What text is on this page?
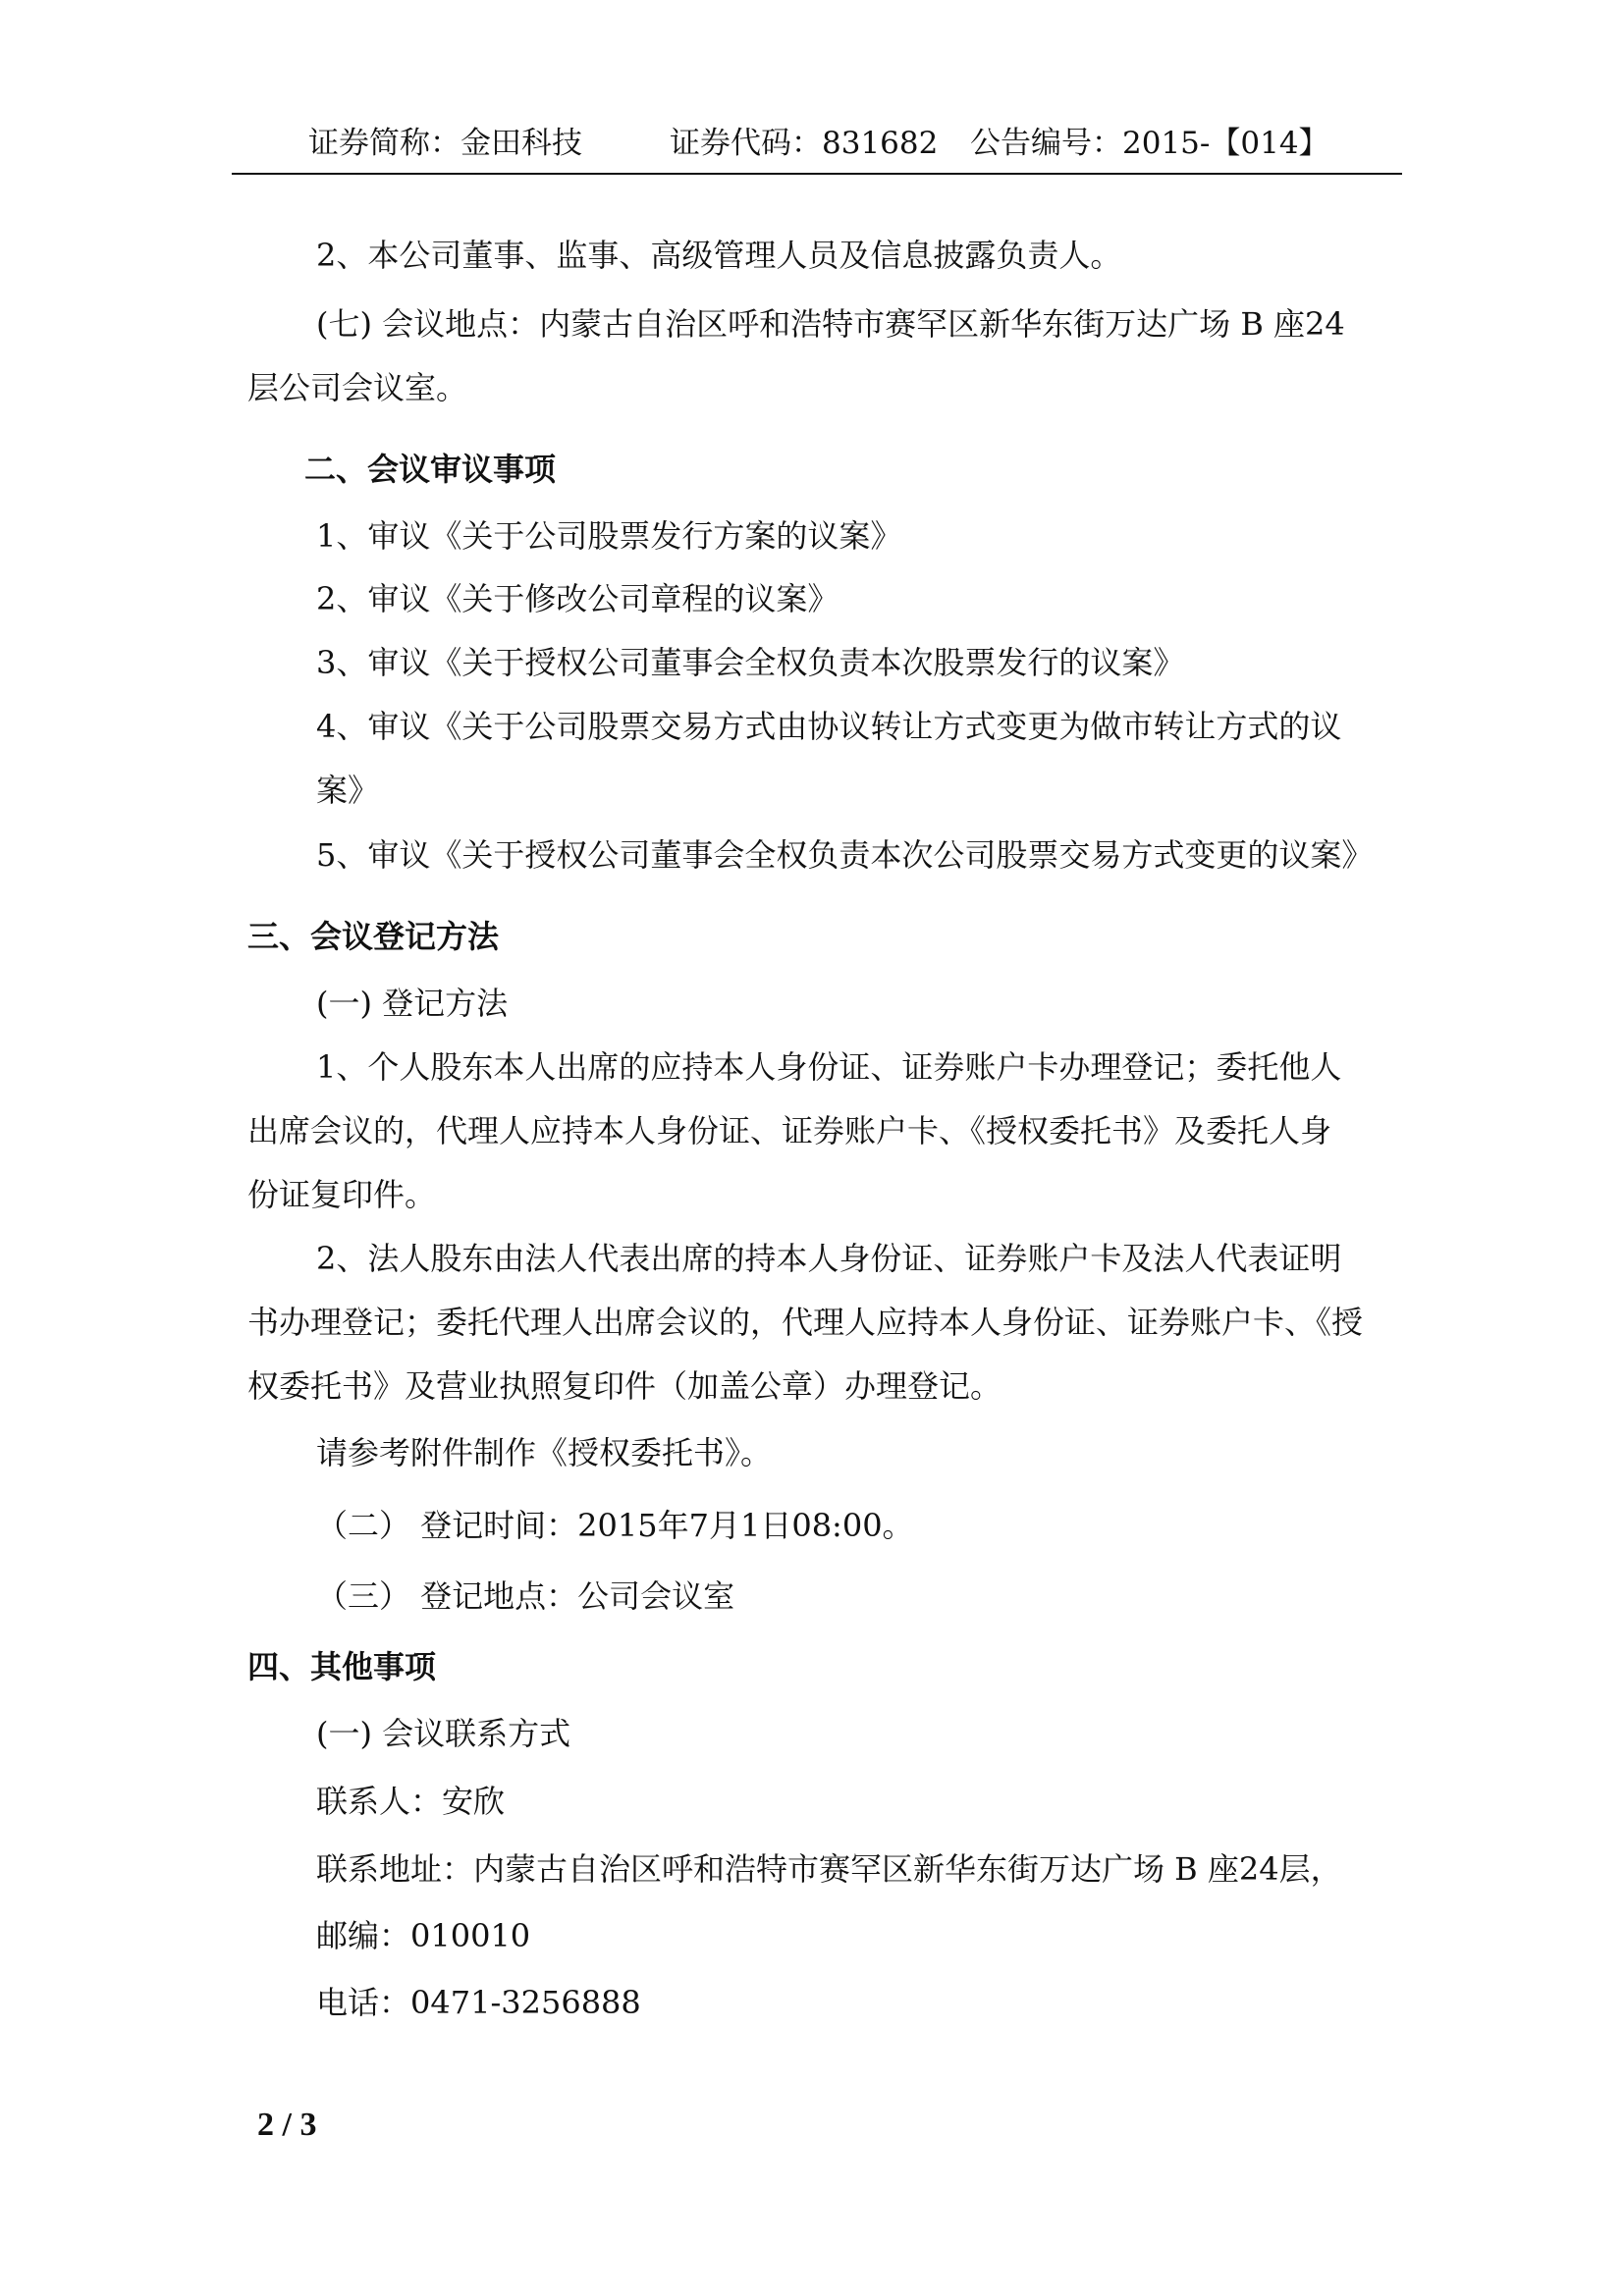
证券简称：金田科技	证券代码：831682 公告编号：2015-【014】
2、本公司董事、监事、高级管理人员及信息披露负责人。
(七) 会议地点：内蒙古自治区呼和浩特市赛罕区新华东街万达广场 B 座24
层公司会议室。
二、会议审议事项
1、审议《关于公司股票发行方案的议案》
2、审议《关于修改公司章程的议案》
3、审议《关于授权公司董事会全权负责本次股票发行的议案》
4、审议《关于公司股票交易方式由协议转让方式变更为做市转让方式的议
案》
5、审议《关于授权公司董事会全权负责本次公司股票交易方式变更的议案》
三、会议登记方法
(一) 登记方法
1、个人股东本人出席的应持本人身份证、证券账户卡办理登记；委托他人
出席会议的，代理人应持本人身份证、证券账户卡、《授权委托书》及委托人身
份证复印件。
2、法人股东由法人代表出席的持本人身份证、证券账户卡及法人代表证明
书办理登记；委托代理人出席会议的，代理人应持本人身份证、证券账户卡、《授
权委托书》及营业执照复印件（加盖公章）办理登记。
请参考附件制作《授权委托书》。
（二） 登记时间：2015年7月1日08:00。
（三） 登记地点：公司会议室
四、其他事项
(一) 会议联系方式
联系人：安欣
联系地址：内蒙古自治区呼和浩特市赛罕区新华东街万达广场 B 座24层，
邮编：010010
电话：0471-3256888
2 / 3
